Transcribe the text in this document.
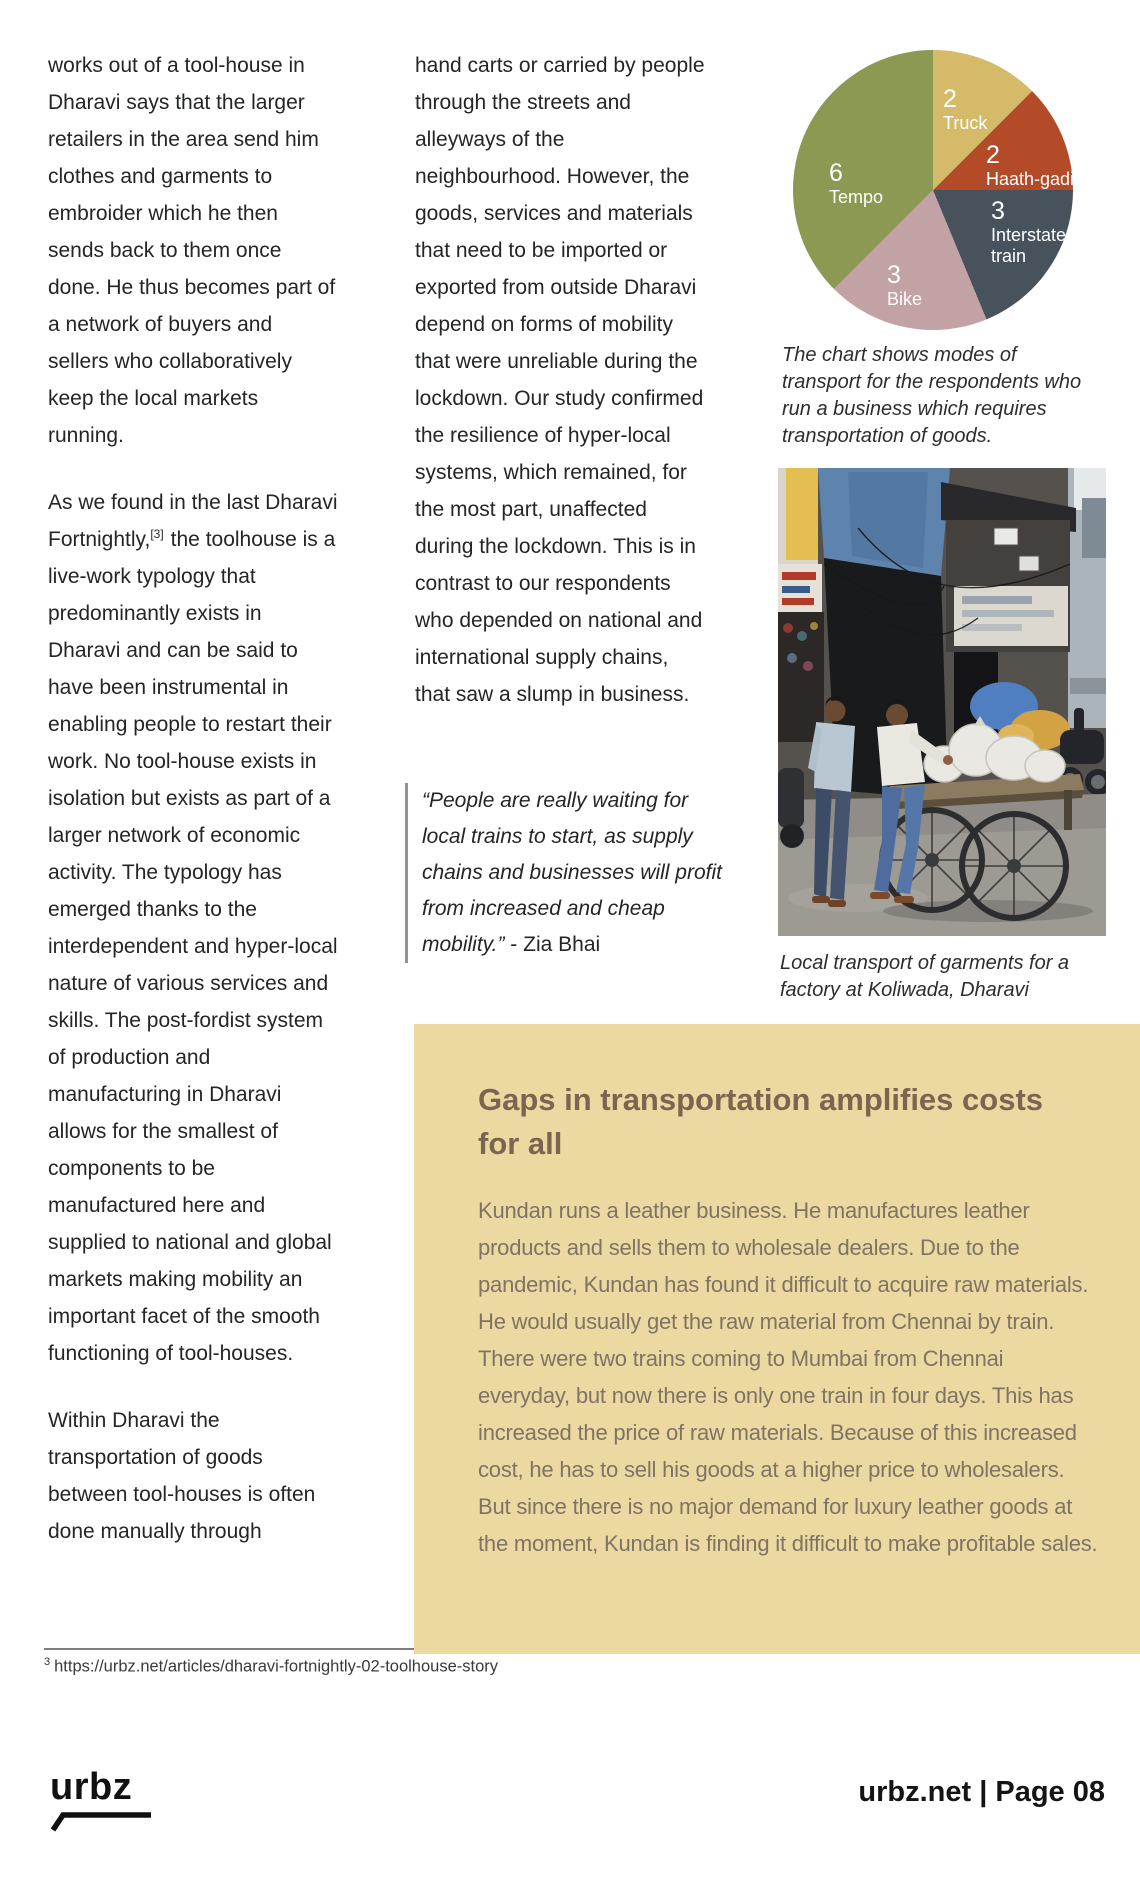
works out of a tool-house in Dharavi says that the larger retailers in the area send him clothes and garments to embroider which he then sends back to them once done. He thus becomes part of a network of buyers and sellers who collaboratively keep the local markets running.

As we found in the last Dharavi Fortnightly,[3] the toolhouse is a live-work typology that predominantly exists in Dharavi and can be said to have been instrumental in enabling people to restart their work. No tool-house exists in isolation but exists as part of a larger network of economic activity. The typology has emerged thanks to the interdependent and hyper-local nature of various services and skills. The post-fordist system of production and manufacturing in Dharavi allows for the smallest of components to be manufactured here and supplied to national and global markets making mobility an important facet of the smooth functioning of tool-houses.

Within Dharavi the transportation of goods between tool-houses is often done manually through

hand carts or carried by people through the streets and alleyways of the neighbourhood. However, the goods, services and materials that need to be imported or exported from outside Dharavi depend on forms of mobility that were unreliable during the lockdown. Our study confirmed the resilience of hyper-local systems, which remained, for the most part, unaffected during the lockdown. This is in contrast to our respondents who depended on national and international supply chains, that saw a slump in business.

“People are really waiting for local trains to start, as supply chains and businesses will profit from increased and cheap mobility.” - Zia Bhai
2
Truck
2
Haath-gadi
3
Interstate train
3
Bike
6
Tempo
The chart shows modes of transport for the respondents who run a business which requires transportation of goods.
Local transport of garments for a factory at Koliwada, Dharavi
Gaps in transportation amplifies costs for all

Kundan runs a leather business. He manufactures leather products and sells them to wholesale dealers. Due to the pandemic, Kundan has found it difficult to acquire raw materials. He would usually get the raw material from Chennai by train. There were two trains coming to Mumbai from Chennai everyday, but now there is only one train in four days. This has increased the price of raw materials. Because of this increased cost, he has to sell his goods at a higher price to wholesalers. But since there is no major demand for luxury leather goods at the moment, Kundan is finding it difficult to make profitable sales.

$^3$ https://urbz.net/articles/dharavi-fortnightly-02-toolhouse-story
urbz	urbz.net | Page 08
